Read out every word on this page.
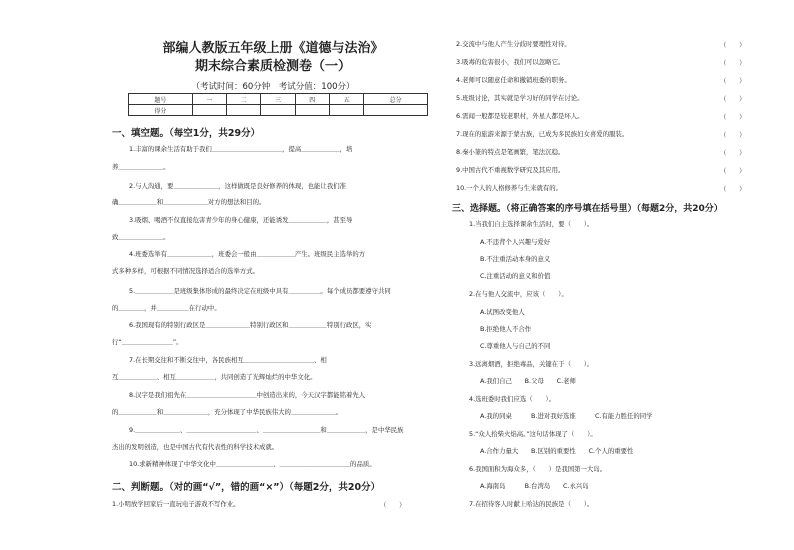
部编人教版五年级上册《道德与法治》
期末综合素质检测卷（一）
（考试时间：60分钟　考试分值：100分）
题号	一	二	三	四	五	总分
得分						
一、填空题。（每空1分，共29分）
1.丰富的课余生活有助于我们＿＿＿＿＿＿＿＿＿＿＿，提高＿＿＿＿＿＿，培
养＿＿＿＿＿＿＿。
2.与人沟通，要＿＿＿＿＿＿＿，这样做既是良好修养的体现，也能让我们准
确＿＿＿＿＿＿和＿＿＿＿＿＿＿对方的想法和目的。
3.吸烟、喝酒不仅直接危害青少年的身心健康，还能诱发＿＿＿＿＿＿，甚至导
致＿＿＿＿＿＿＿。
4.班委选举有＿＿＿＿＿＿＿，班委会一般由＿＿＿＿＿＿产生。班级民主选举的方
式多种多样，可根据不同情况选择适合的选举方式。
5.＿＿＿＿＿＿是班级集体形成的最终决定在班级中具有＿＿＿＿＿。每个成员都要遵守共同
的＿＿＿＿，并＿＿＿＿＿在行动中。
6.我国现有的特别行政区是＿＿＿＿＿＿＿特别行政区和＿＿＿＿＿＿特别行政区，实
行“＿＿＿＿＿＿＿＿”。
7.在长期交往和不断交往中，各民族相互＿＿＿＿＿＿＿＿＿＿＿、相
互＿＿＿＿＿＿、相互＿＿＿＿＿＿，共同创造了光辉灿烂的中华文化。
8.汉字是我们祖先在＿＿＿＿＿＿＿＿＿＿＿中创造出来的，今天汉字都能铭着先人
的＿＿＿＿＿＿和＿＿＿＿＿＿＿，充分体现了中华民族伟大的＿＿＿＿＿＿＿。
9.＿＿＿＿＿＿＿、＿＿＿＿＿＿＿＿＿＿＿、＿＿＿＿＿＿＿＿＿和＿＿＿＿＿＿，是中华民族
杰出的发明创造，也是中国古代有代表性的科学技术成就。
10.求新精神体现了中华文化中＿＿＿＿＿＿＿＿＿、＿＿＿＿＿＿＿＿＿＿＿的品质。
二、判断题。（对的画“√”，错的画“×”）（每题2分，共20分）
1.小明放学回家后一直玩电子游戏不写作业。	（　　）
2.交流中与他人产生分歧时要理性对待。	（　　）
3.吸毒的危害很小，我们可以忽略它。	（　　）
4.老师可以随意任命和撤销班委的职务。	（　　）
5.班级讨论，其实就是学习好的同学在讨论。	（　　）
6.需闻一般都是较老职村，外星人都是坏人。	（　　）
7.现在的旅游来源于蒙古族，已成为多民族妇女喜爱的服装。	（　　）
8.秦小篆的特点是笔画繁，笔法沉稳。	（　　）
9.中国古代不重视数学研究及其应用。	（　　）
10.一个人的人格修养与生来就有的。	（　　）
三、选择题。（将正确答案的序号填在括号里）（每题2分，共20分）
1.当我们自主选择课余生活时，要（　　）。
A.不违背个人兴趣与爱好
B.不注重活动本身的意义
C.注重活动的意义和价值
2.在与他人交流中，应该（　　）。
A.试图改变他人
B.拒绝他人不合作
C.尊重他人与自己的不同
3.远离烟酒，拒绝毒品，关键在于（　　）。
A.我们自己　　B.父母　　C.老师
4.选班委时我们应选（　　）。
A.我的同桌　　　B.进对我好选谁　　　C.有能力胜任的同学
5.“众人拾柴火焰高。”这句话体现了（　　）。
A.合作力量大　　B.区别的重要性　　C.个人的重要性
6.我国面积为海众多，（　　）是我国第一大岛。
A.海南岛　　　B.台湾岛　　C.永兴岛
7.在招待客人时献上哈达的民族是（　　）。
